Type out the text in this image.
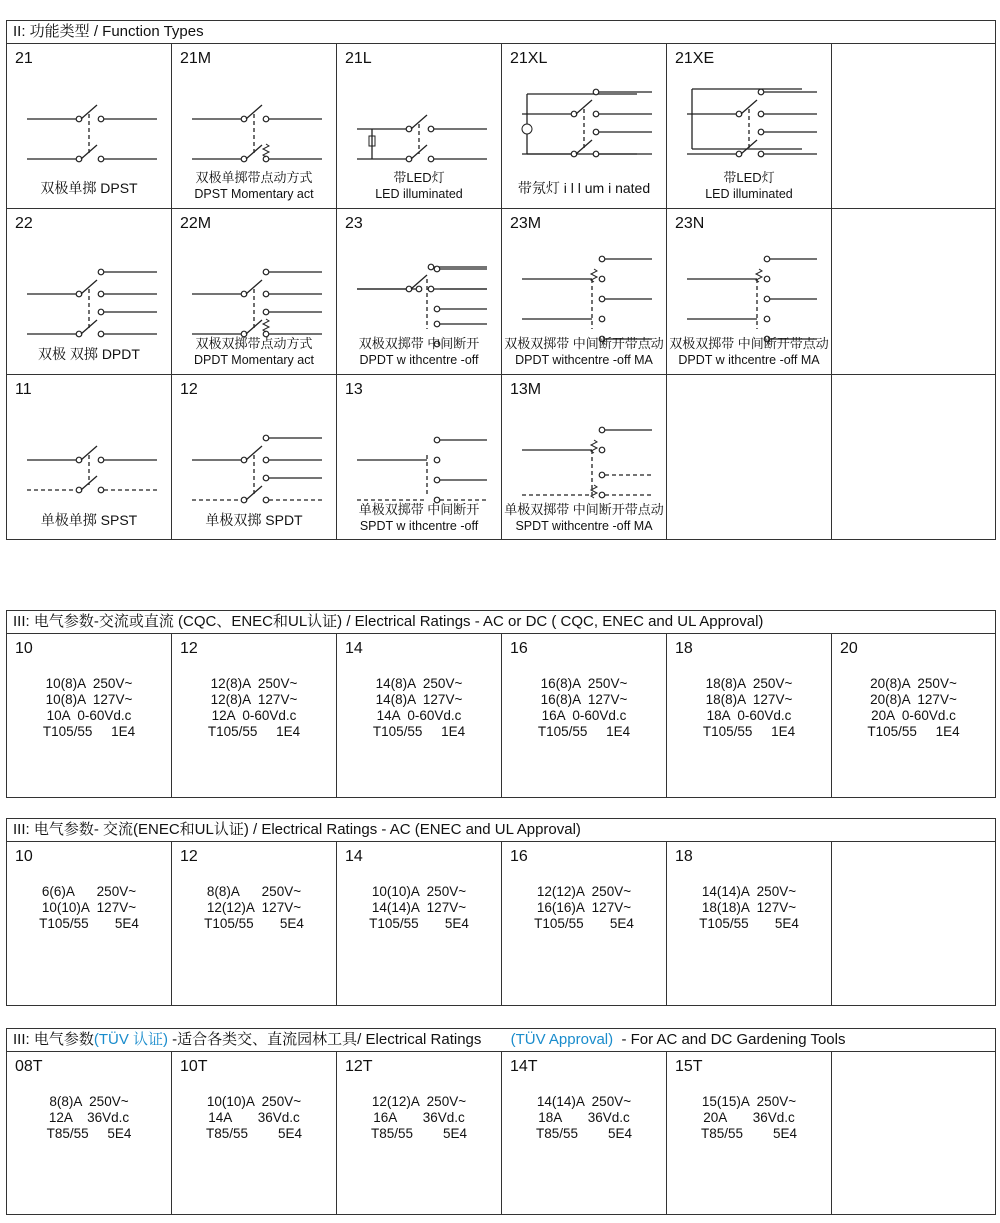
II: 功能类型 / Function Types
21
双极单掷 DPST
21M
双极单掷带点动方式
DPST Momentary act
21L
带LED灯
LED illuminated
21XL
带氖灯 i l l um i nated
21XE
带LED灯
LED illuminated
22
双极 双掷 DPDT
22M
双极双掷带点动方式
DPDT Momentary act
23
双极双掷带 中间断开
DPDT w ithcentre -off
23M
双极双掷带 中间断开带点动
DPDT withcentre -off MA
23N
双极双掷带 中间断开带点动
DPDT w ithcentre -off MA
11
单极单掷 SPST
12
单极双掷 SPDT
13
单极双掷带 中间断开
SPDT w ithcentre -off
13M
单极双掷带 中间断开带点动
SPDT withcentre -off MA
III: 电气参数-交流或直流 (CQC、ENEC和UL认证) / Electrical Ratings - AC or DC ( CQC, ENEC and UL Approval)
10
10(8)A  250V~
10(8)A  127V~
10A  0-60Vd.c
T105/55     1E4
12
12(8)A  250V~
12(8)A  127V~
12A  0-60Vd.c
T105/55     1E4
14
14(8)A  250V~
14(8)A  127V~
14A  0-60Vd.c
T105/55     1E4
16
16(8)A  250V~
16(8)A  127V~
16A  0-60Vd.c
T105/55     1E4
18
18(8)A  250V~
18(8)A  127V~
18A  0-60Vd.c
T105/55     1E4
20
20(8)A  250V~
20(8)A  127V~
20A  0-60Vd.c
T105/55     1E4
III: 电气参数- 交流(ENEC和UL认证) / Electrical Ratings - AC (ENEC and UL Approval)
10
6(6)A      250V~
10(10)A  127V~
T105/55       5E4
12
8(8)A      250V~
12(12)A  127V~
T105/55       5E4
14
10(10)A  250V~
14(14)A  127V~
T105/55       5E4
16
12(12)A  250V~
16(16)A  127V~
T105/55       5E4
18
14(14)A  250V~
18(18)A  127V~
T105/55       5E4
III: 电气参数(TÜV 认证) -适合各类交、直流园林工具/ Electrical Ratings       (TÜV Approval)  - For AC and DC Gardening Tools
08T
8(8)A  250V~
12A    36Vd.c
T85/55     5E4
10T
10(10)A  250V~
14A       36Vd.c
T85/55        5E4
12T
12(12)A  250V~
16A       36Vd.c
T85/55        5E4
14T
14(14)A  250V~
18A       36Vd.c
T85/55        5E4
15T
15(15)A  250V~
20A       36Vd.c
T85/55        5E4
